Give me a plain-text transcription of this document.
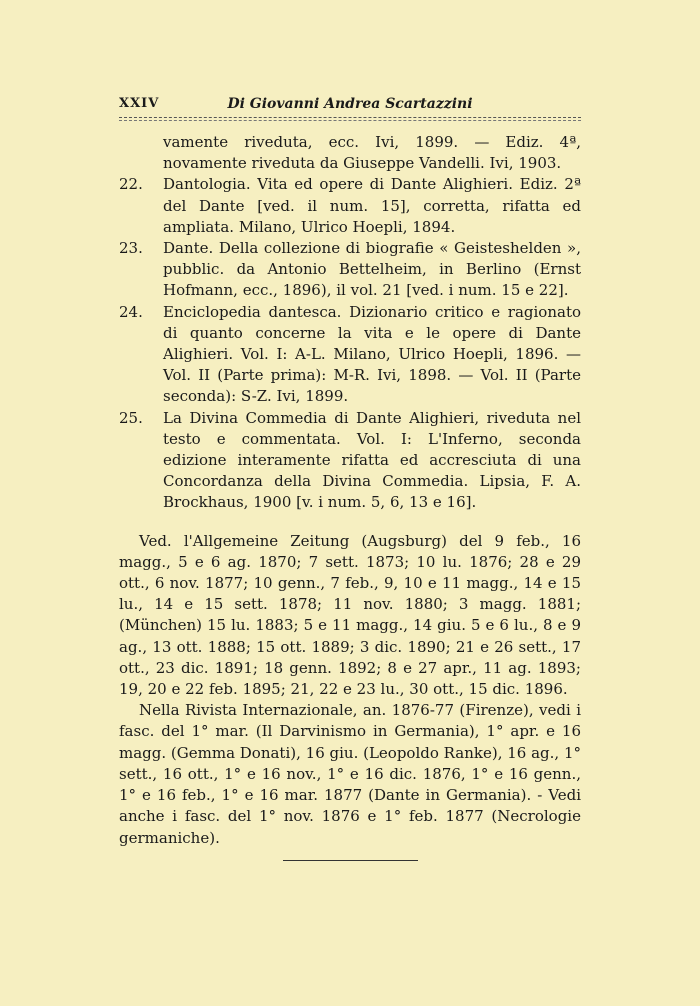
XXIV	Di Giovanni Andrea Scartazzini

vamente riveduta, ecc. Ivi, 1899. — Ediz. 4ª, novamente riveduta da Giuseppe Vandelli. Ivi, 1903.

22. Dantologia. Vita ed opere di Dante Alighieri. Ediz. 2ª del Dante [ved. il num. 15], corretta, rifatta ed ampliata. Milano, Ulrico Hoepli, 1894.

23. Dante. Della collezione di biografie « Geisteshelden », pubblic. da Antonio Bettelheim, in Berlino (Ernst Hofmann, ecc., 1896), il vol. 21 [ved. i num. 15 e 22].

24. Enciclopedia dantesca. Dizionario critico e ragionato di quanto concerne la vita e le opere di Dante Alighieri. Vol. I: A-L. Milano, Ulrico Hoepli, 1896. — Vol. II (Parte prima): M-R. Ivi, 1898. — Vol. II (Parte seconda): S-Z. Ivi, 1899.

25. La Divina Commedia di Dante Alighieri, riveduta nel testo e commentata. Vol. I: L'Inferno, seconda edizione interamente rifatta ed accresciuta di una Concordanza della Divina Commedia. Lipsia, F. A. Brockhaus, 1900 [v. i num. 5, 6, 13 e 16].

Ved. l'Allgemeine Zeitung (Augsburg) del 9 feb., 16 magg., 5 e 6 ag. 1870; 7 sett. 1873; 10 lu. 1876; 28 e 29 ott., 6 nov. 1877; 10 genn., 7 feb., 9, 10 e 11 magg., 14 e 15 lu., 14 e 15 sett. 1878; 11 nov. 1880; 3 magg. 1881; (München) 15 lu. 1883; 5 e 11 magg., 14 giu. 5 e 6 lu., 8 e 9 ag., 13 ott. 1888; 15 ott. 1889; 3 dic. 1890; 21 e 26 sett., 17 ott., 23 dic. 1891; 18 genn. 1892; 8 e 27 apr., 11 ag. 1893; 19, 20 e 22 feb. 1895; 21, 22 e 23 lu., 30 ott., 15 dic. 1896.

Nella Rivista Internazionale, an. 1876-77 (Firenze), vedi i fasc. del 1° mar. (Il Darvinismo in Germania), 1° apr. e 16 magg. (Gemma Donati), 16 giu. (Leopoldo Ranke), 16 ag., 1° sett., 16 ott., 1° e 16 nov., 1° e 16 dic. 1876, 1° e 16 genn., 1° e 16 feb., 1° e 16 mar. 1877 (Dante in Germania). - Vedi anche i fasc. del 1° nov. 1876 e 1° feb. 1877 (Necrologie germaniche).
